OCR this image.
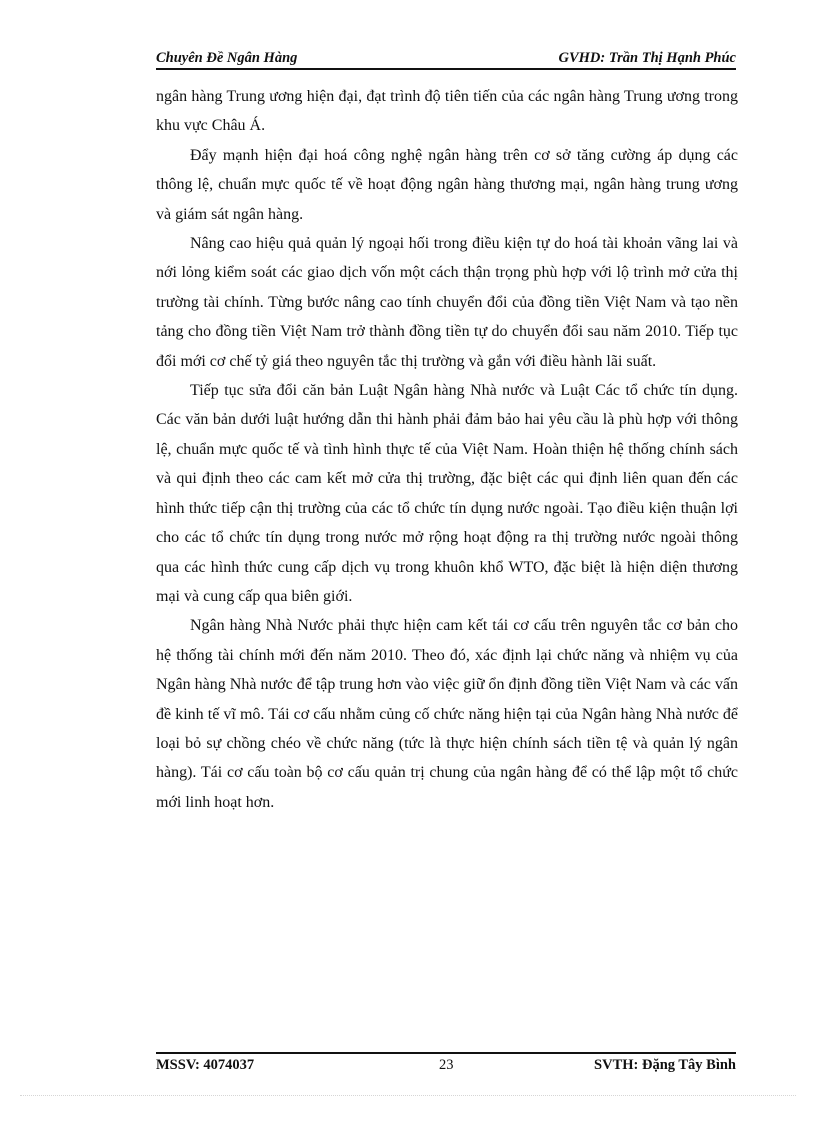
Chuyên Đề Ngân Hàng	GVHD: Trần Thị Hạnh Phúc

ngân hàng Trung ương hiện đại, đạt trình độ tiên tiến của các ngân hàng Trung ương trong khu vực Châu Á.

Đẩy mạnh hiện đại hoá công nghệ ngân hàng trên cơ sở tăng cường áp dụng các thông lệ, chuẩn mực quốc tế về hoạt động ngân hàng thương mại, ngân hàng trung ương và giám sát ngân hàng.

Nâng cao hiệu quả quản lý ngoại hối trong điều kiện tự do hoá tài khoản vãng lai và nới lỏng kiểm soát các giao dịch vốn một cách thận trọng phù hợp với lộ trình mở cửa thị trường tài chính. Từng bước nâng cao tính chuyển đổi của đồng tiền Việt Nam và tạo nền tảng cho đồng tiền Việt Nam trở thành đồng tiền tự do chuyển đổi sau năm 2010. Tiếp tục đổi mới cơ chế tỷ giá theo nguyên tắc thị trường và gắn với điều hành lãi suất.

Tiếp tục sửa đổi căn bản Luật Ngân hàng Nhà nước và Luật Các tổ chức tín dụng. Các văn bản dưới luật hướng dẫn thi hành phải đảm bảo hai yêu cầu là phù hợp với thông lệ, chuẩn mực quốc tế và tình hình thực tế của Việt Nam. Hoàn thiện hệ thống chính sách và qui định theo các cam kết mở cửa thị trường, đặc biệt các qui định liên quan đến các hình thức tiếp cận thị trường của các tổ chức tín dụng nước ngoài. Tạo điều kiện thuận lợi cho các tổ chức tín dụng trong nước mở rộng hoạt động ra thị trường nước ngoài thông qua các hình thức cung cấp dịch vụ trong khuôn khổ WTO, đặc biệt là hiện diện thương mại và cung cấp qua biên giới.

Ngân hàng Nhà Nước phải thực hiện cam kết tái cơ cấu trên nguyên tắc cơ bản cho hệ thống tài chính mới đến năm 2010. Theo đó, xác định lại chức năng và nhiệm vụ của Ngân hàng Nhà nước để tập trung hơn vào việc giữ ổn định đồng tiền Việt Nam và các vấn đề kinh tế vĩ mô. Tái cơ cấu nhằm củng cố chức năng hiện tại của Ngân hàng Nhà nước để loại bỏ sự chồng chéo về chức năng (tức là thực hiện chính sách tiền tệ và quản lý ngân hàng). Tái cơ cấu toàn bộ cơ cấu quản trị chung của ngân hàng để có thể lập một tổ chức mới linh hoạt hơn.

MSSV: 4074037	23	SVTH: Đặng Tây Bình
